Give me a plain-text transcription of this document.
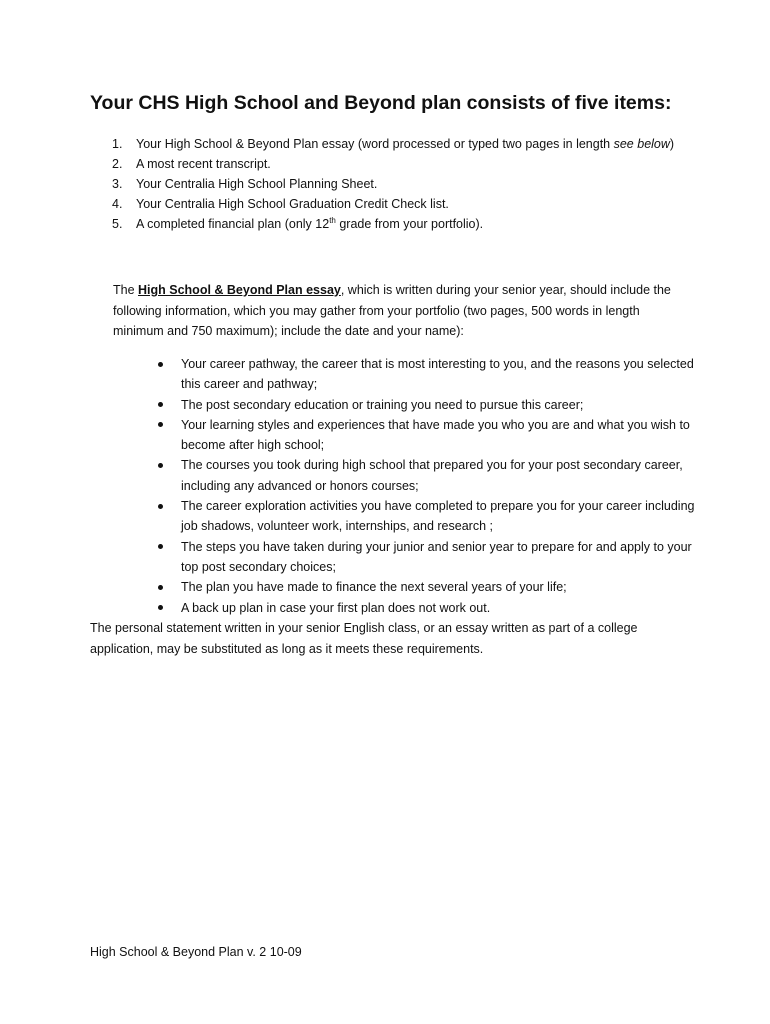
Your CHS High School and Beyond plan consists of five items:
1. Your High School & Beyond Plan essay (word processed or typed two pages in length see below)
2. A most recent transcript.
3. Your Centralia High School Planning Sheet.
4. Your Centralia High School Graduation Credit Check list.
5. A completed financial plan (only 12th grade from your portfolio).

The High School & Beyond Plan essay, which is written during your senior year, should include the following information, which you may gather from your portfolio (two pages, 500 words in length minimum and 750 maximum); include the date and your name):

Your career pathway, the career that is most interesting to you, and the reasons you selected this career and pathway;
The post secondary education or training you need to pursue this career;
Your learning styles and experiences that have made you who you are and what you wish to become after high school;
The courses you took during high school that prepared you for your post secondary career, including any advanced or honors courses;
The career exploration activities you have completed to prepare you for your career including job shadows, volunteer work, internships, and research ;
The steps you have taken during your junior and senior year to prepare for and apply to your top post secondary choices;
The plan you have made to finance the next several years of your life;
A back up plan in case your first plan does not work out.

The personal statement written in your senior English class, or an essay written as part of a college application, may be substituted as long as it meets these requirements.

High School & Beyond Plan v. 2 10-09
